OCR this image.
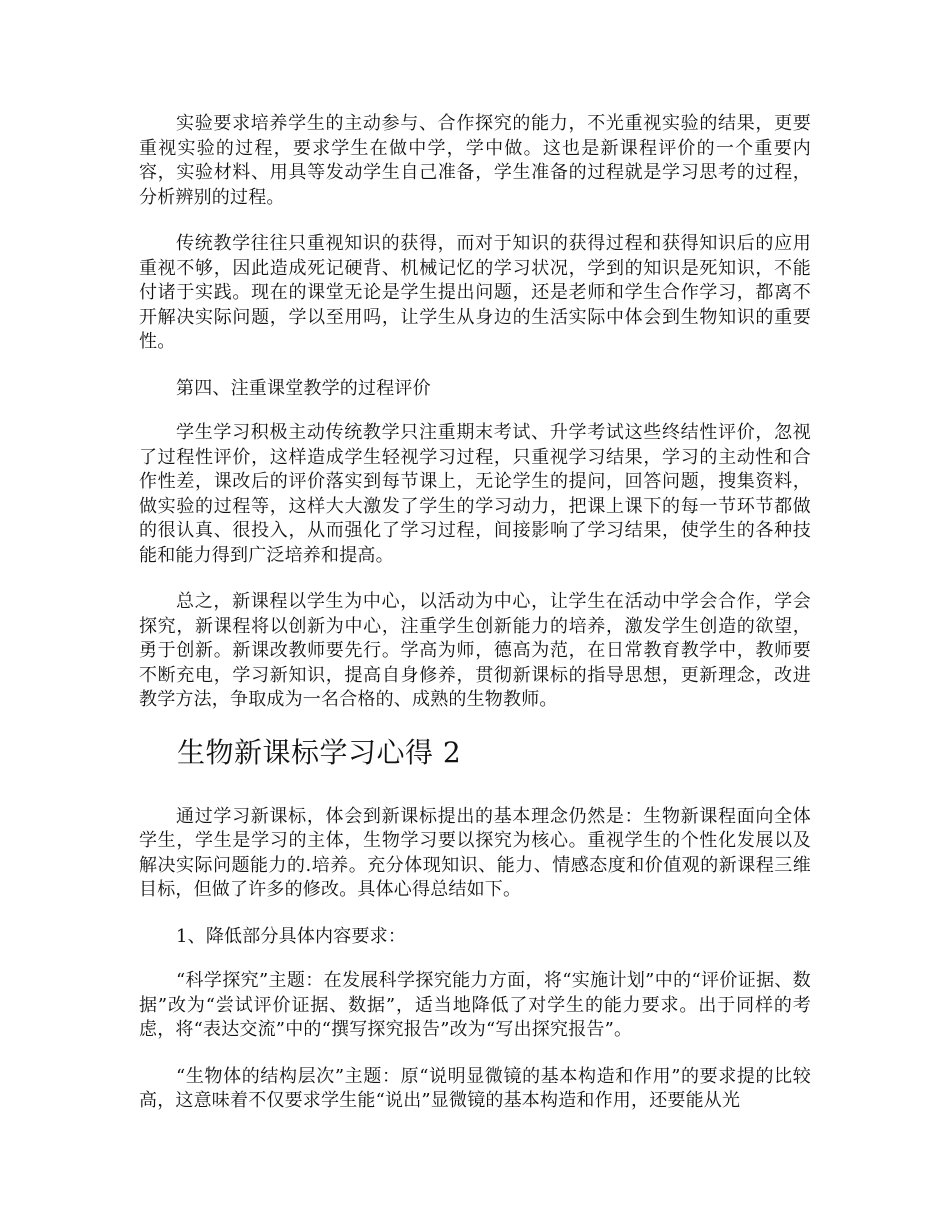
实验要求培养学生的主动参与、合作探究的能力，不光重视实验的结果，更要重视实验的过程，要求学生在做中学，学中做。这也是新课程评价的一个重要内容，实验材料、用具等发动学生自己准备，学生准备的过程就是学习思考的过程，分析辨别的过程。

传统教学往往只重视知识的获得，而对于知识的获得过程和获得知识后的应用重视不够，因此造成死记硬背、机械记忆的学习状况，学到的知识是死知识，不能付诸于实践。现在的课堂无论是学生提出问题，还是老师和学生合作学习，都离不开解决实际问题，学以至用吗，让学生从身边的生活实际中体会到生物知识的重要性。

第四、注重课堂教学的过程评价

学生学习积极主动传统教学只注重期末考试、升学考试这些终结性评价，忽视了过程性评价，这样造成学生轻视学习过程，只重视学习结果，学习的主动性和合作性差，课改后的评价落实到每节课上，无论学生的提问，回答问题，搜集资料，做实验的过程等，这样大大激发了学生的学习动力，把课上课下的每一节环节都做的很认真、很投入，从而强化了学习过程，间接影响了学习结果，使学生的各种技能和能力得到广泛培养和提高。

总之，新课程以学生为中心，以活动为中心，让学生在活动中学会合作，学会探究，新课程将以创新为中心，注重学生创新能力的培养，激发学生创造的欲望，勇于创新。新课改教师要先行。学高为师，德高为范，在日常教育教学中，教师要不断充电，学习新知识，提高自身修养，贯彻新课标的指导思想，更新理念，改进教学方法，争取成为一名合格的、成熟的生物教师。

生物新课标学习心得 2

通过学习新课标，体会到新课标提出的基本理念仍然是：生物新课程面向全体学生，学生是学习的主体，生物学习要以探究为核心。重视学生的个性化发展以及解决实际问题能力的.培养。充分体现知识、能力、情感态度和价值观的新课程三维目标，但做了许多的修改。具体心得总结如下。

1、降低部分具体内容要求：

“科学探究”主题：在发展科学探究能力方面，将“实施计划”中的“评价证据、数据”改为“尝试评价证据、数据”，适当地降低了对学生的能力要求。出于同样的考虑，将“表达交流”中的“撰写探究报告”改为“写出探究报告”。

“生物体的结构层次”主题：原“说明显微镜的基本构造和作用”的要求提的比较高，这意味着不仅要求学生能“说出”显微镜的基本构造和作用，还要能从光
